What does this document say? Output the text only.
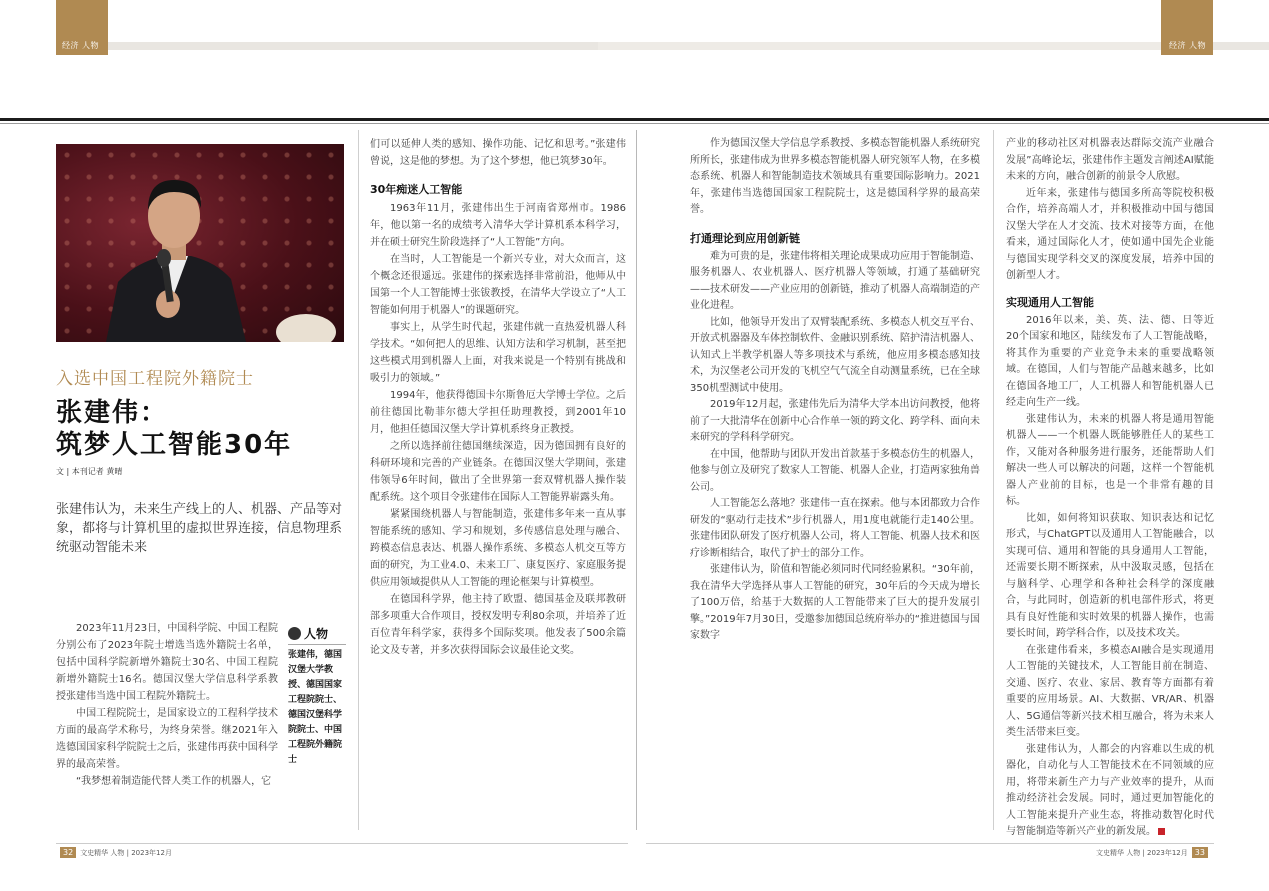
经济 人物	经济 人物
入选中国工程院外籍院士
张建伟：
筑梦人工智能30年
文 | 本刊记者 黄晴
张建伟认为，未来生产线上的人、机器、产品等对象，都将与计算机里的虚拟世界连接，信息物理系统驱动智能未来

2023年11月23日，中国科学院、中国工程院分别公布了2023年院士增选当选外籍院士名单，包括中国科学院新增外籍院士30名、中国工程院新增外籍院士16名。德国汉堡大学信息科学系教授张建伟当选中国工程院外籍院士。

中国工程院院士，是国家设立的工程科学技术方面的最高学术称号，为终身荣誉。继2021年入选德国国家科学院院士之后，张建伟再获中国科学界的最高荣誉。

“我梦想着制造能代替人类工作的机器人，它

人物
张建伟，德国汉堡大学教授、德国国家工程院院士、德国汉堡科学院院士、中国工程院外籍院士

们可以延伸人类的感知、操作功能、记忆和思考。”张建伟曾说，这是他的梦想。为了这个梦想，他已筑梦30年。

30年痴迷人工智能

1963年11月，张建伟出生于河南省郑州市。1986年，他以第一名的成绩考入清华大学计算机系本科学习，并在硕士研究生阶段选择了“人工智能”方向。

在当时，人工智能是一个新兴专业，对大众而言，这个概念还很遥远。张建伟的探索选择非常前沿，他师从中国第一个人工智能博士张钹教授，在清华大学设立了“人工智能如何用于机器人”的课题研究。

事实上，从学生时代起，张建伟就一直热爱机器人科学技术。“如何把人的思维、认知方法和学习机制，甚至把这些模式用到机器人上面，对我来说是一个特别有挑战和吸引力的领域。”

1994年，他获得德国卡尔斯鲁厄大学博士学位。之后前往德国比勒菲尔德大学担任助理教授，到2001年10月，他担任德国汉堡大学计算机系终身正教授。

之所以选择前往德国继续深造，因为德国拥有良好的科研环境和完善的产业链条。在德国汉堡大学期间，张建伟领导6年时间，做出了全世界第一套双臂机器人操作装配系统。这个项目令张建伟在国际人工智能界崭露头角。

紧紧围绕机器人与智能制造，张建伟多年来一直从事智能系统的感知、学习和规划，多传感信息处理与融合、跨模态信息表达、机器人操作系统、多模态人机交互等方面的研究，为工业4.0、未来工厂、康复医疗、家庭服务提供应用领域提供从人工智能的理论框架与计算模型。

在德国科学界，他主持了欧盟、德国基金及联邦教研部多项重大合作项目，授权发明专利80余项，并培养了近百位青年科学家，获得多个国际奖项。他发表了500余篇论文及专著，并多次获得国际会议最佳论文奖。

作为德国汉堡大学信息学系教授、多模态智能机器人系统研究所所长，张建伟成为世界多模态智能机器人研究领军人物，在多模态系统、机器人和智能制造技术领域具有重要国际影响力。2021年，张建伟当选德国国家工程院院士，这是德国科学界的最高荣誉。

打通理论到应用创新链

难为可贵的是，张建伟将相关理论成果成功应用于智能制造、服务机器人、农业机器人、医疗机器人等领域，打通了基础研究——技术研发——产业应用的创新链，推动了机器人高端制造的产业化进程。

比如，他领导开发出了双臂装配系统、多模态人机交互平台、开放式机器器及车体控制软件、金融识别系统、陪护清洁机器人、认知式上半教学机器人等多项技术与系统，他应用多模态感知技术，为汉堡老公司开发的飞机空气气流全自动测量系统，已在全球350机型测试中使用。

2019年12月起，张建伟先后为清华大学本出访问教授，他将前了一大批清华在创新中心合作单一领的跨文化、跨学科、面向未来研究的学科科学研究。

在中国，他帮助与团队开发出首款基于多模态仿生的机器人，他参与创立及研究了数家人工智能、机器人企业，打造两家独角兽公司。

人工智能怎么落地？张建伟一直在探索。他与本团都致力合作研发的“驱动行走技术”步行机器人，用1度电就能行走140公里。张建伟团队研发了医疗机器人公司，将人工智能、机器人技术和医疗诊断相结合，取代了护士的部分工作。

张建伟认为，阶值和智能必须同时代同经验累积。“30年前，我在清华大学选择从事人工智能的研究，30年后的今天成为增长了100万倍，给基于大数据的人工智能带来了巨大的提升发展引擎。”2019年7月30日，受邀参加德国总统府举办的“推进德国与国家数字

产业的移动社区对机器表达群际交流产业融合发展”高峰论坛，张建伟作主题发言阐述AI赋能未来的方向，融合创新的前景令人欣慰。

近年来，张建伟与德国多所高等院校积极合作，培养高端人才，并积极推动中国与德国汉堡大学在人才交流、技术对接等方面，在他看来，通过国际化人才，使如通中国先企业能与德国实现学科交叉的深度发展，培养中国的创新型人才。

实现通用人工智能

2016年以来，美、英、法、德、日等近20个国家和地区，陆续发布了人工智能战略，将其作为重要的产业竞争未来的重要战略领域。在德国，人们与智能产品越来越多，比如在德国各地工厂，人工机器人和智能机器人已经走向生产一线。

张建伟认为，未来的机器人将是通用智能机器人——一个机器人既能够胜任人的某些工作，又能对各种服务进行服务，还能帮助人们解决一些人可以解决的问题，这样一个智能机器人产业前的目标，也是一个非常有趣的目标。

比如，如何将知识获取、知识表达和记忆形式，与ChatGPT以及通用人工智能融合，以实现可信、通用和智能的具身通用人工智能，还需要长期不断探索，从中汲取灵感，包括在与脑科学、心理学和各种社会科学的深度融合，与此同时，创造新的机电部件形式，将更具有良好性能和实时效果的机器人操作，也需要长时间，跨学科合作，以及技术攻关。

在张建伟看来，多模态AI融合是实现通用人工智能的关键技术，人工智能目前在制造、交通、医疗、农业、家居、教育等方面都有着重要的应用场景。AI、大数据、VR/AR、机器人、5G通信等新兴技术相互融合，将为未来人类生活带来巨变。

张建伟认为，人都会的内容难以生成的机器化，自动化与人工智能技术在不同领域的应用，将带来新生产力与产业效率的提升，从而推动经济社会发展。同时，通过更加智能化的人工智能来提升产业生态，将推动数智化时代与智能制造等新兴产业的新发展。

32	文史精华 人物 | 2023年12月	文史精华 人物 | 2023年12月 33
